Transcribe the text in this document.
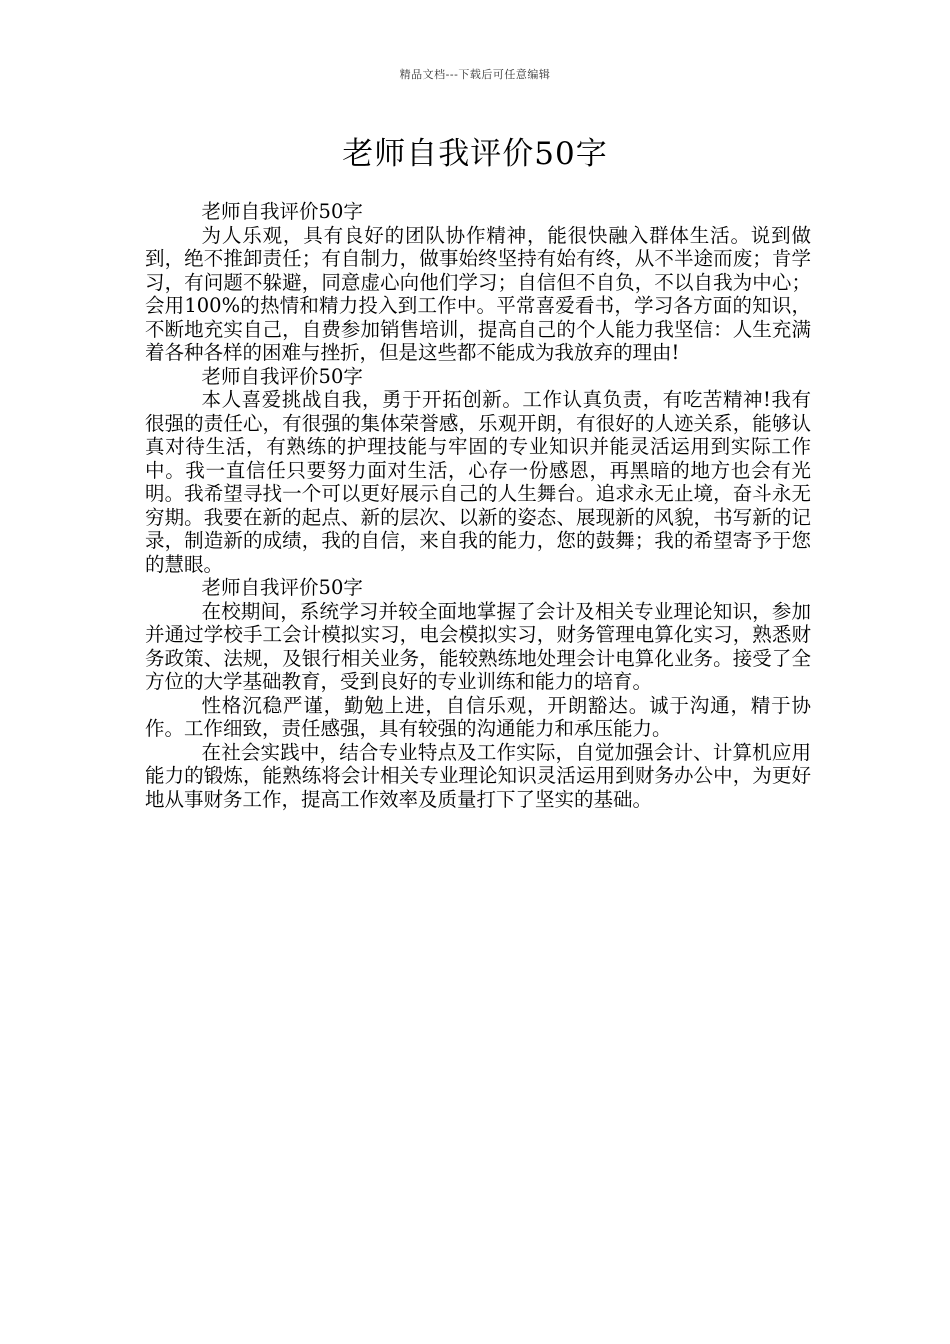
精品文档---下载后可任意编辑
老师自我评价50字

老师自我评价50字

为人乐观，具有良好的团队协作精神，能很快融入群体生活。说到做到，绝不推卸责任；有自制力，做事始终坚持有始有终，从不半途而废；肯学习，有问题不躲避，同意虚心向他们学习；自信但不自负，不以自我为中心；会用100%的热情和精力投入到工作中。平常喜爱看书，学习各方面的知识，不断地充实自己，自费参加销售培训，提高自己的个人能力我坚信：人生充满着各种各样的困难与挫折，但是这些都不能成为我放弃的理由!

老师自我评价50字

本人喜爱挑战自我，勇于开拓创新。工作认真负责，有吃苦精神!我有很强的责任心，有很强的集体荣誉感，乐观开朗，有很好的人迹关系，能够认真对待生活，有熟练的护理技能与牢固的专业知识并能灵活运用到实际工作中。我一直信任只要努力面对生活，心存一份感恩，再黑暗的地方也会有光明。我希望寻找一个可以更好展示自己的人生舞台。追求永无止境，奋斗永无穷期。我要在新的起点、新的层次、以新的姿态、展现新的风貌，书写新的记录，制造新的成绩，我的自信，来自我的能力，您的鼓舞；我的希望寄予于您的慧眼。

老师自我评价50字

在校期间，系统学习并较全面地掌握了会计及相关专业理论知识，参加并通过学校手工会计模拟实习，电会模拟实习，财务管理电算化实习，熟悉财务政策、法规，及银行相关业务，能较熟练地处理会计电算化业务。接受了全方位的大学基础教育，受到良好的专业训练和能力的培育。

性格沉稳严谨，勤勉上进，自信乐观，开朗豁达。诚于沟通，精于协作。工作细致，责任感强，具有较强的沟通能力和承压能力。

在社会实践中，结合专业特点及工作实际，自觉加强会计、计算机应用能力的锻炼，能熟练将会计相关专业理论知识灵活运用到财务办公中，为更好地从事财务工作，提高工作效率及质量打下了坚实的基础。
